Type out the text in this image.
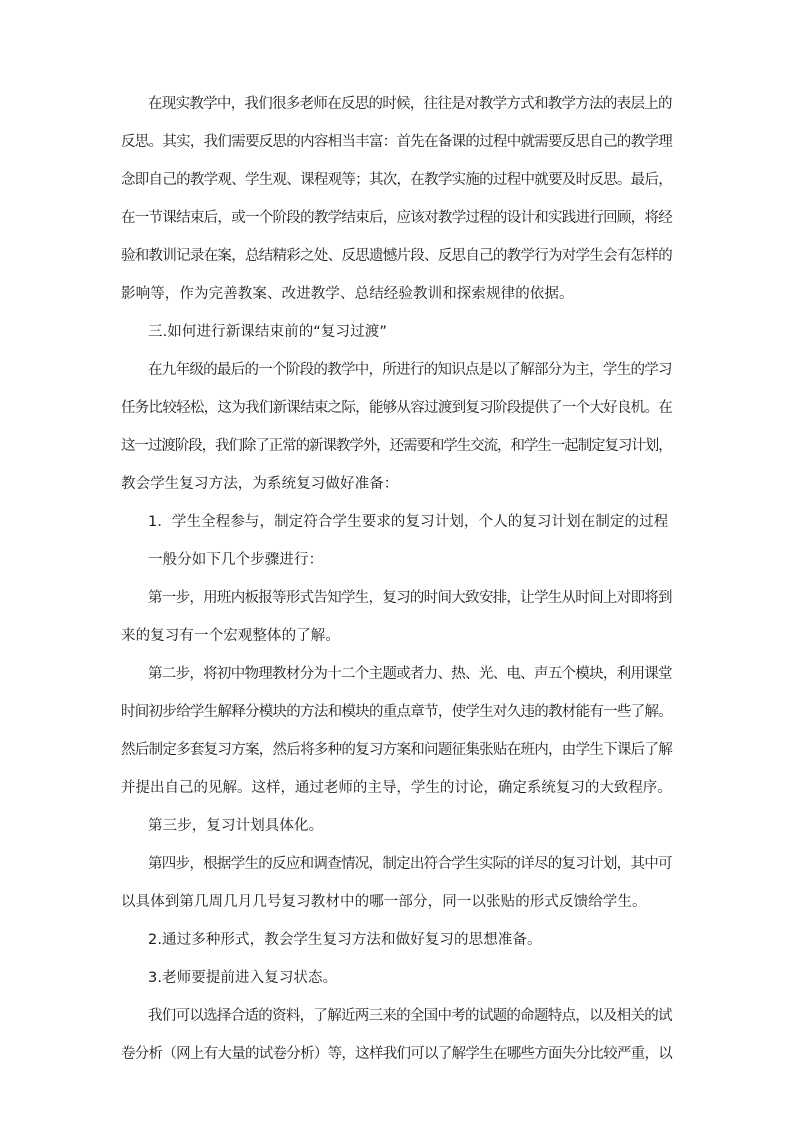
在现实教学中，我们很多老师在反思的时候，往往是对教学方式和教学方法的表层上的
反思。其实，我们需要反思的内容相当丰富：首先在备课的过程中就需要反思自己的教学理
念即自己的教学观、学生观、课程观等；其次，在教学实施的过程中就要及时反思。最后，
在一节课结束后，或一个阶段的教学结束后，应该对教学过程的设计和实践进行回顾，将经
验和教训记录在案，总结精彩之处、反思遗憾片段、反思自己的教学行为对学生会有怎样的
影响等，作为完善教案、改进教学、总结经验教训和探索规律的依据。
三.如何进行新课结束前的“复习过渡”
在九年级的最后的一个阶段的教学中，所进行的知识点是以了解部分为主，学生的学习
任务比较轻松，这为我们新课结束之际，能够从容过渡到复习阶段提供了一个大好良机。在
这一过渡阶段，我们除了正常的新课教学外，还需要和学生交流，和学生一起制定复习计划，
教会学生复习方法，为系统复习做好准备：
1．学生全程参与，制定符合学生要求的复习计划，个人的复习计划在制定的过程
一般分如下几个步骤进行：
第一步，用班内板报等形式告知学生，复习的时间大致安排，让学生从时间上对即将到
来的复习有一个宏观整体的了解。
第二步，将初中物理教材分为十二个主题或者力、热、光、电、声五个模块，利用课堂
时间初步给学生解释分模块的方法和模块的重点章节，使学生对久违的教材能有一些了解。
然后制定多套复习方案，然后将多种的复习方案和问题征集张贴在班内，由学生下课后了解
并提出自己的见解。这样，通过老师的主导，学生的讨论，确定系统复习的大致程序。
第三步，复习计划具体化。
第四步，根据学生的反应和调查情况，制定出符合学生实际的详尽的复习计划，其中可
以具体到第几周几月几号复习教材中的哪一部分，同一以张贴的形式反馈给学生。
2.通过多种形式，教会学生复习方法和做好复习的思想准备。
3.老师要提前进入复习状态。
我们可以选择合适的资料，了解近两三来的全国中考的试题的命题特点，以及相关的试
卷分析（网上有大量的试卷分析）等，这样我们可以了解学生在哪些方面失分比较严重，以
